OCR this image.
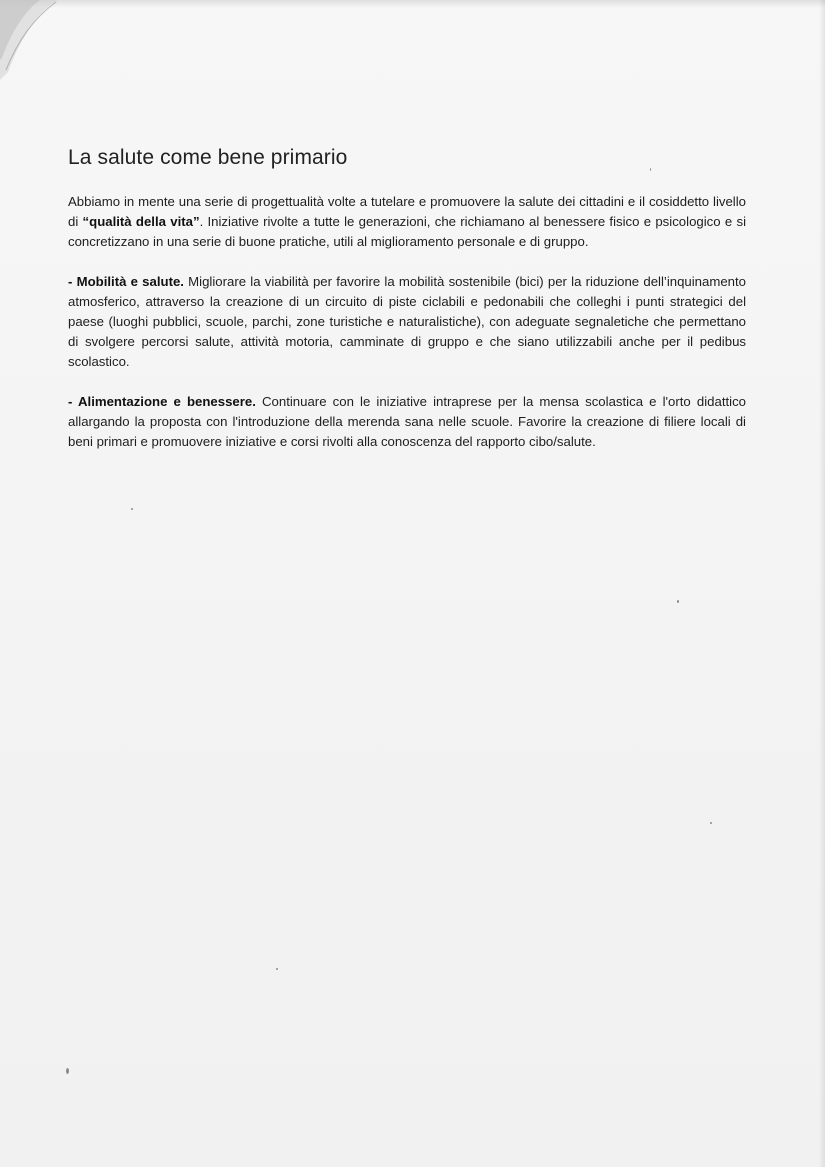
La salute come bene primario

Abbiamo in mente una serie di progettualità volte a tutelare e promuovere la salute dei cittadini e il cosiddetto livello di “qualità della vita”. Iniziative rivolte a tutte le generazioni, che richiamano al benessere fisico e psicologico e si concretizzano in una serie di buone pratiche, utili al miglioramento personale e di gruppo.

- Mobilità e salute. Migliorare la viabilità per favorire la mobilità sostenibile (bici) per la riduzione dell’inquinamento atmosferico, attraverso la creazione di un circuito di piste ciclabili e pedonabili che colleghi i punti strategici del paese (luoghi pubblici, scuole, parchi, zone turistiche e naturalistiche), con adeguate segnaletiche che permettano di svolgere percorsi salute, attività motoria, camminate di gruppo e che siano utilizzabili anche per il pedibus scolastico.

- Alimentazione e benessere. Continuare con le iniziative intraprese per la mensa scolastica e l'orto didattico allargando la proposta con l'introduzione della merenda sana nelle scuole. Favorire la creazione di filiere locali di beni primari e promuovere iniziative e corsi rivolti alla conoscenza del rapporto cibo/salute.
